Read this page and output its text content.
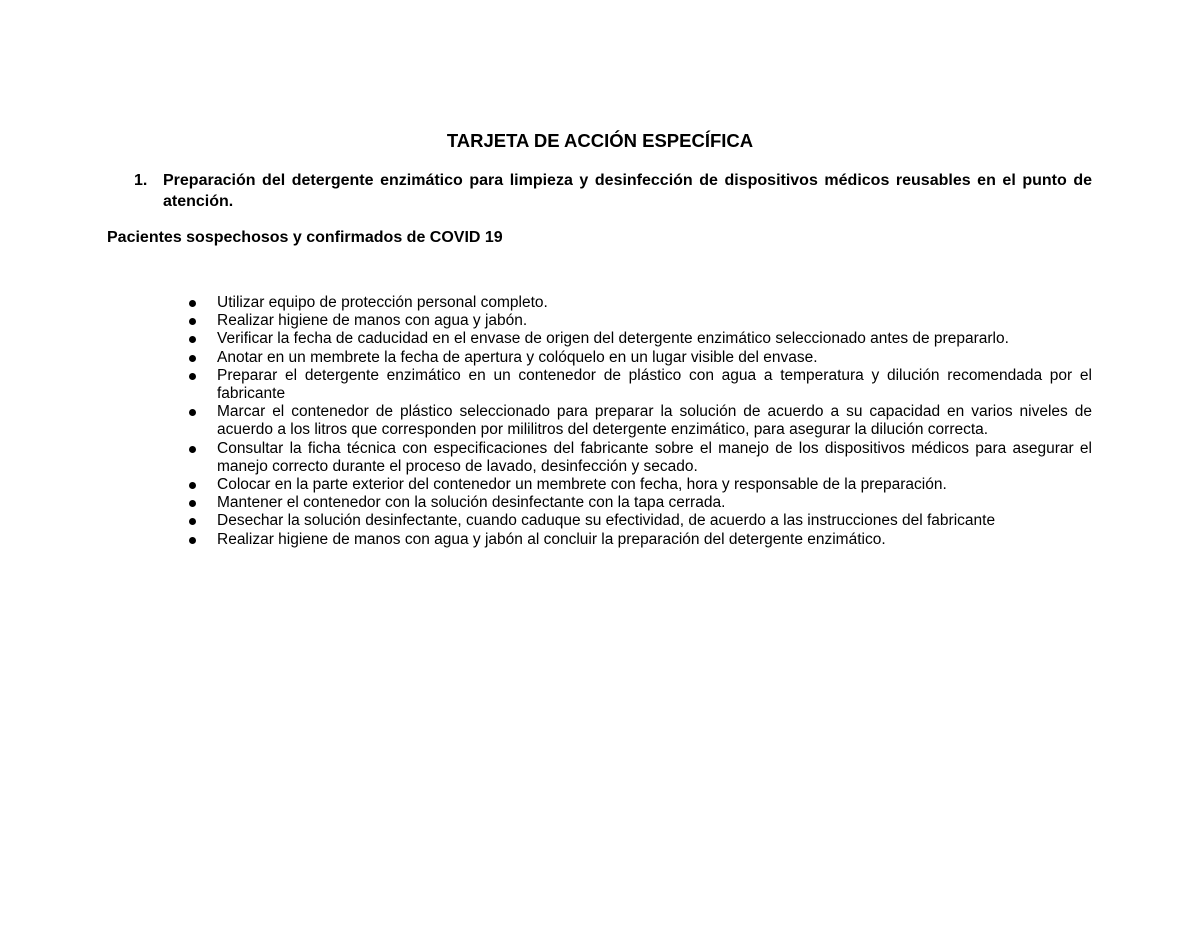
TARJETA DE ACCIÓN ESPECÍFICA
1. Preparación del detergente enzimático para limpieza y desinfección de dispositivos médicos reusables en el punto de atención.

Pacientes sospechosos y confirmados de COVID 19

Utilizar equipo de protección personal completo.
Realizar higiene de manos con agua y jabón.
Verificar la fecha de caducidad en el envase de origen del detergente enzimático seleccionado antes de prepararlo.
Anotar en un membrete la fecha de apertura y colóquelo en un lugar visible del envase.
Preparar el detergente enzimático en un contenedor de plástico con agua a temperatura y dilución recomendada por el fabricante
Marcar el contenedor de plástico seleccionado para preparar la solución de acuerdo a su capacidad en varios niveles de acuerdo a los litros que corresponden por mililitros del detergente enzimático, para asegurar la dilución correcta.
Consultar la ficha técnica con especificaciones del fabricante sobre el manejo de los dispositivos médicos para asegurar el manejo correcto durante el proceso de lavado, desinfección y secado.
Colocar en la parte exterior del contenedor un membrete con fecha, hora y responsable de la preparación.
Mantener el contenedor con la solución desinfectante con la tapa cerrada.
Desechar la solución desinfectante, cuando caduque su efectividad, de acuerdo a las instrucciones del fabricante
Realizar higiene de manos con agua y jabón al concluir la preparación del detergente enzimático.
